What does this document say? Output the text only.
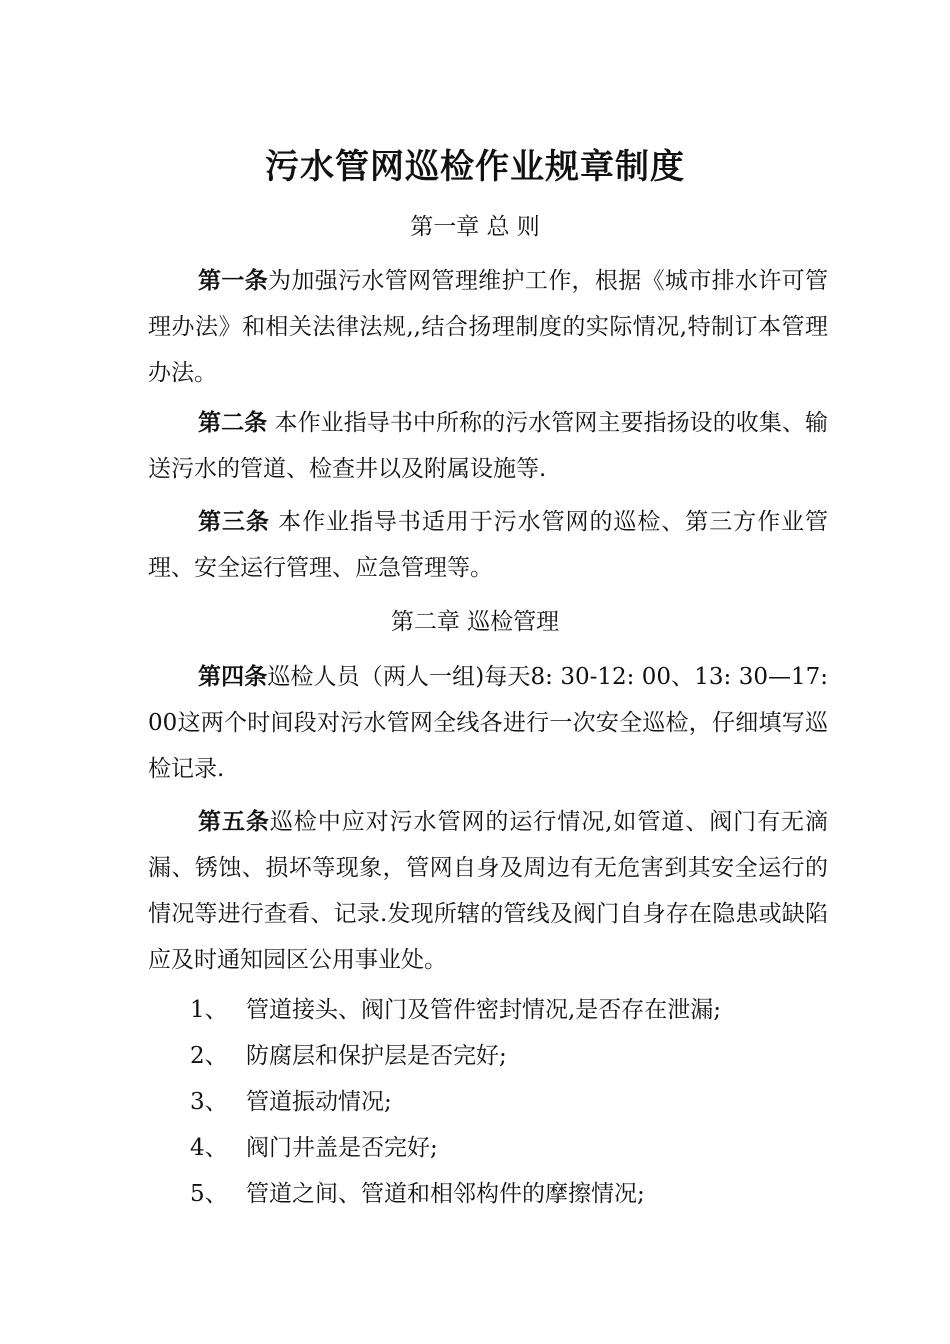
污水管网巡检作业规章制度
第一章 总 则

第一条为加强污水管网管理维护工作，根据《城市排水许可管理办法》和相关法律法规,,结合扬理制度的实际情况,特制订本管理办法。

第二条 本作业指导书中所称的污水管网主要指扬设的收集、输送污水的管道、检查井以及附属设施等.

第三条 本作业指导书适用于污水管网的巡检、第三方作业管理、安全运行管理、应急管理等。

第二章 巡检管理

第四条巡检人员（两人一组)每天8: 30-12: 00、13: 30—17: 00这两个时间段对污水管网全线各进行一次安全巡检，仔细填写巡检记录.

第五条巡检中应对污水管网的运行情况,如管道、阀门有无滴漏、锈蚀、损坏等现象，管网自身及周边有无危害到其安全运行的情况等进行查看、记录.发现所辖的管线及阀门自身存在隐患或缺陷应及时通知园区公用事业处。

1、 管道接头、阀门及管件密封情况,是否存在泄漏;
2、 防腐层和保护层是否完好;
3、 管道振动情况;
4、 阀门井盖是否完好;
5、 管道之间、管道和相邻构件的摩擦情况;
